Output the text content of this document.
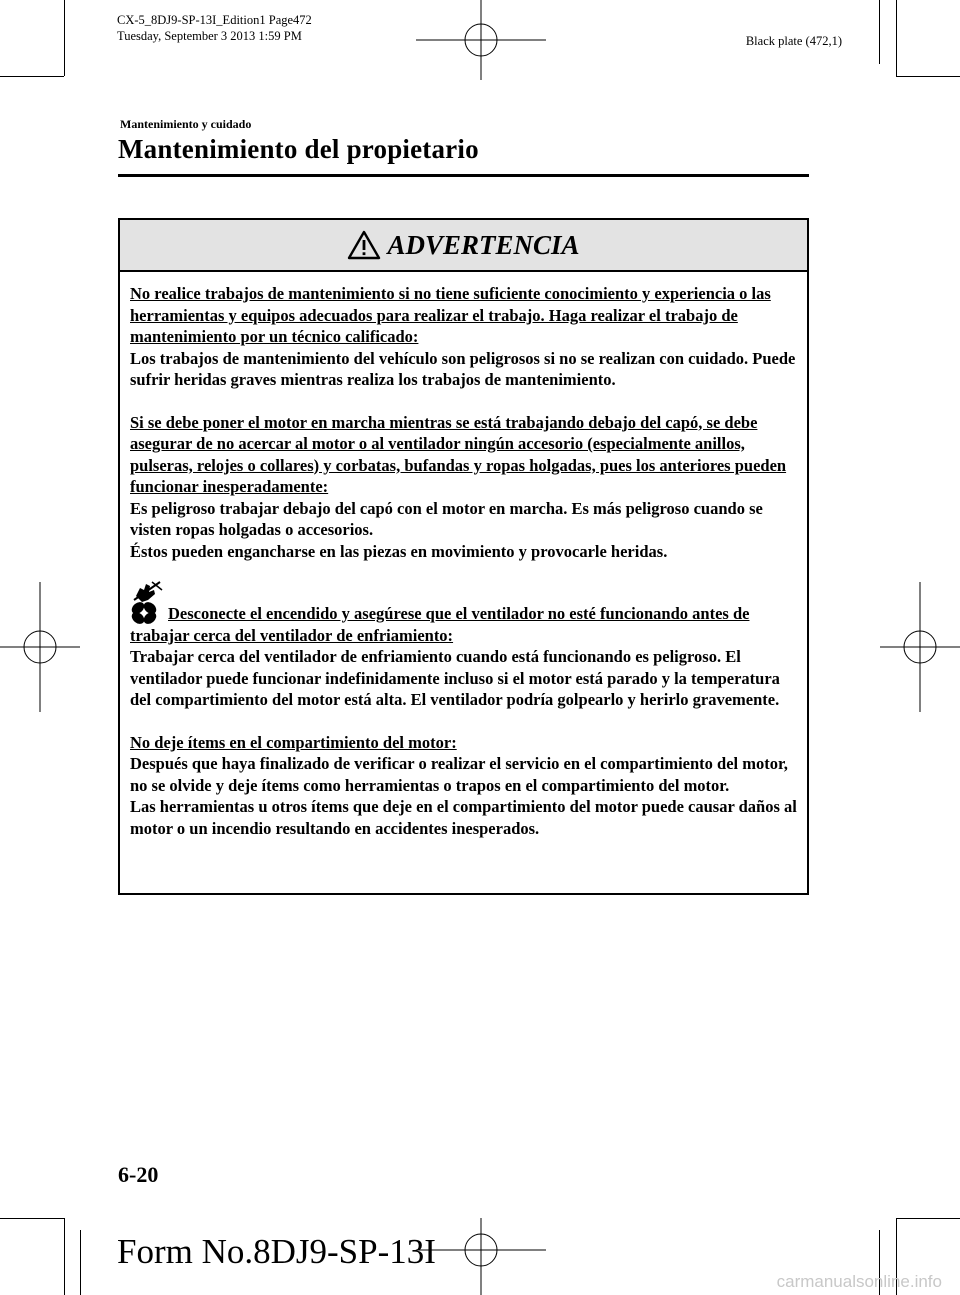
CX-5_8DJ9-SP-13I_Edition1 Page472
Tuesday, September 3 2013 1:59 PM	Black plate (472,1)
Mantenimiento y cuidado
Mantenimiento del propietario
ADVERTENCIA

No realice trabajos de mantenimiento si no tiene suficiente conocimiento y experiencia o las herramientas y equipos adecuados para realizar el trabajo. Haga realizar el trabajo de mantenimiento por un técnico calificado:

Los trabajos de mantenimiento del vehículo son peligrosos si no se realizan con cuidado. Puede sufrir heridas graves mientras realiza los trabajos de mantenimiento.

Si se debe poner el motor en marcha mientras se está trabajando debajo del capó, se debe asegurar de no acercar al motor o al ventilador ningún accesorio (especialmente anillos, pulseras, relojes o collares) y corbatas, bufandas y ropas holgadas, pues los anteriores pueden funcionar inesperadamente:

Es peligroso trabajar debajo del capó con el motor en marcha. Es más peligroso cuando se visten ropas holgadas o accesorios.

Éstos pueden engancharse en las piezas en movimiento y provocarle heridas.

Desconecte el encendido y asegúrese que el ventilador no esté funcionando antes de trabajar cerca del ventilador de enfriamiento:

Trabajar cerca del ventilador de enfriamiento cuando está funcionando es peligroso. El ventilador puede funcionar indefinidamente incluso si el motor está parado y la temperatura del compartimiento del motor está alta. El ventilador podría golpearlo y herirlo gravemente.

No deje ítems en el compartimiento del motor:

Después que haya finalizado de verificar o realizar el servicio en el compartimiento del motor, no se olvide y deje ítems como herramientas o trapos en el compartimiento del motor.

Las herramientas u otros ítems que deje en el compartimiento del motor puede causar daños al motor o un incendio resultando en accidentes inesperados.

6-20
Form No.8DJ9-SP-13I
carmanualsonline.info
